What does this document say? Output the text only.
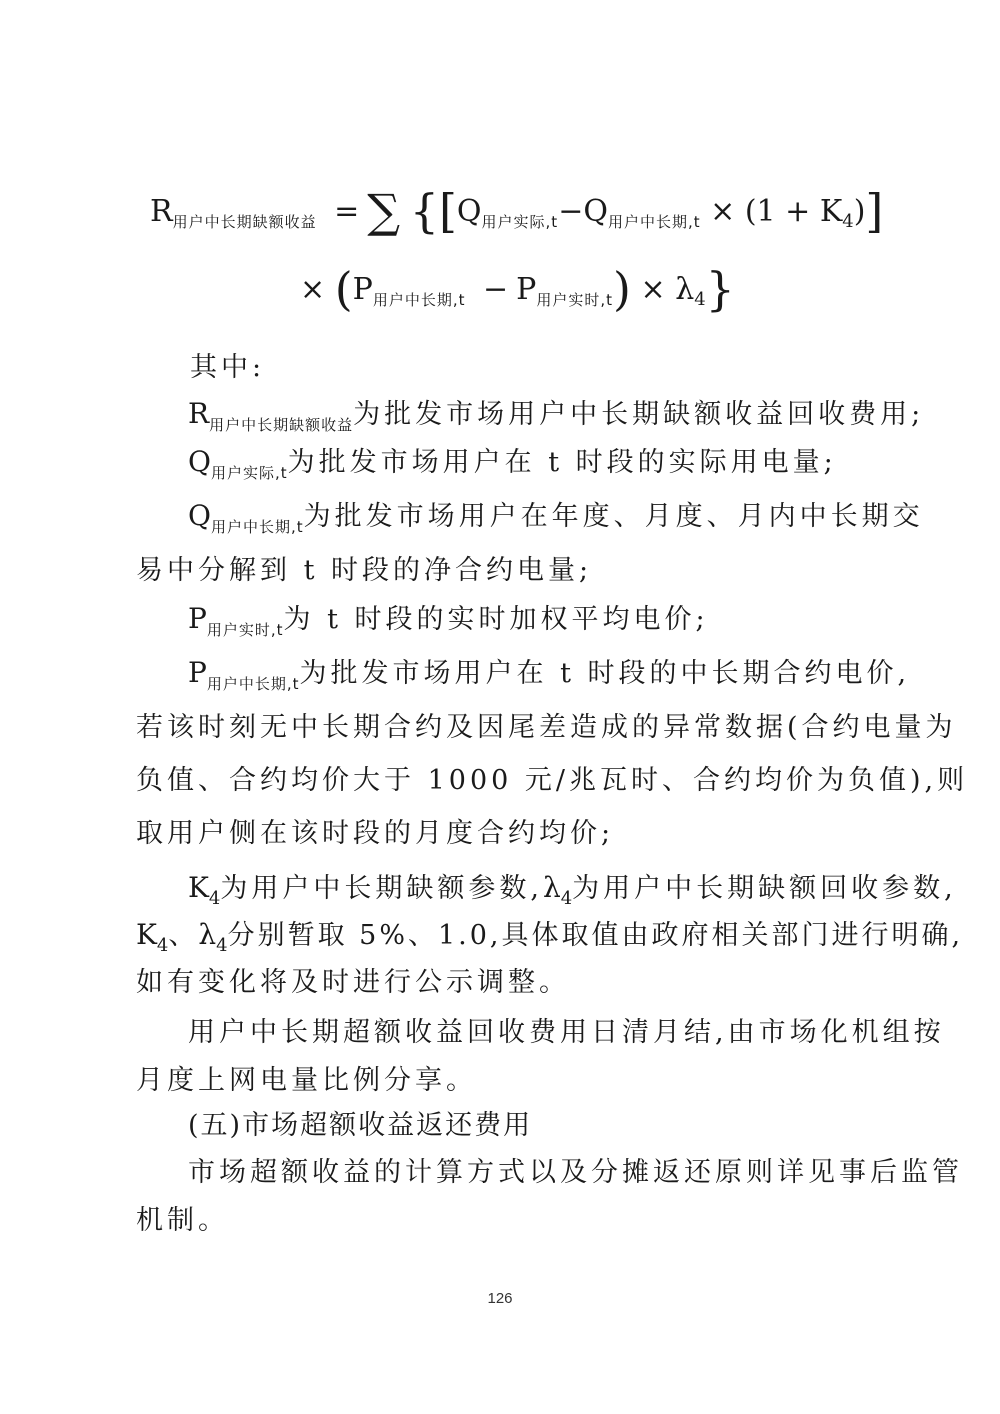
$R_{用户中长期缺额收益}$ = ∑ {$[Q_{用户实际,t}-Q_{用户中长期,t} \times (1 + K_4)]$
× $(P_{用户中长期,t} - P_{用户实时,t}) \times \lambda_4$}
其中:
$R_{用户中长期缺额收益}$为批发市场用户中长期缺额收益回收费用;
$Q_{用户实际,t}$为批发市场用户在 t 时段的实际用电量;
$Q_{用户中长期,t}$为批发市场用户在年度、月度、月内中长期交
易中分解到 t 时段的净合约电量;
$P_{用户实时,t}$为 t 时段的实时加权平均电价;
$P_{用户中长期,t}$为批发市场用户在 t 时段的中长期合约电价,
若该时刻无中长期合约及因尾差造成的异常数据(合约电量为
负值、合约均价大于 1000 元/兆瓦时、合约均价为负值),则
取用户侧在该时段的月度合约均价;
$K_4$为用户中长期缺额参数$,\lambda_4$为用户中长期缺额回收参数,
$K_4$、$\lambda_4$分别暂取 5%、1.0,具体取值由政府相关部门进行明确,
如有变化将及时进行公示调整。
用户中长期超额收益回收费用日清月结,由市场化机组按
月度上网电量比例分享。
(五)市场超额收益返还费用
市场超额收益的计算方式以及分摊返还原则详见事后监管
机制。
126
